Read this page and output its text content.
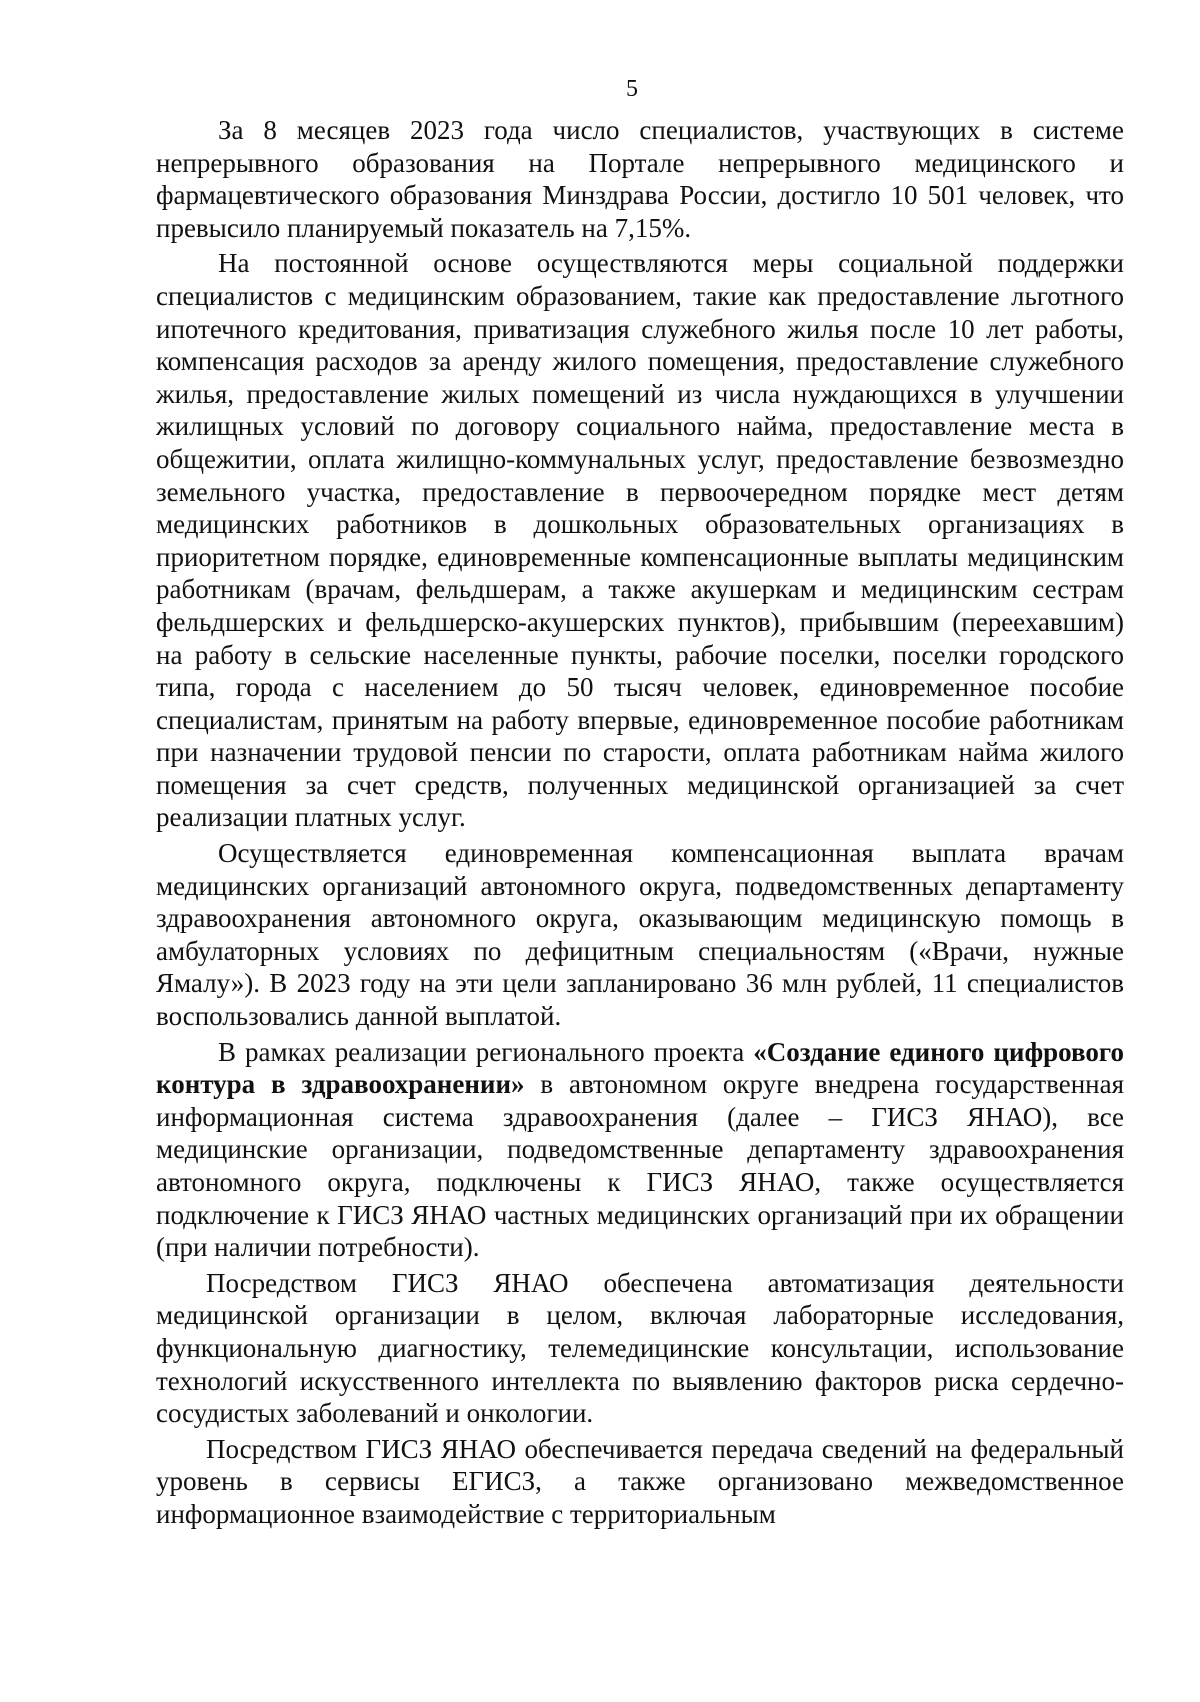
5

За 8 месяцев 2023 года число специалистов, участвующих в системе непрерывного образования на Портале непрерывного медицинского и фармацевтического образования Минздрава России, достигло 10 501 человек, что превысило планируемый показатель на 7,15%.

На постоянной основе осуществляются меры социальной поддержки специалистов с медицинским образованием, такие как предоставление льготного ипотечного кредитования, приватизация служебного жилья после 10 лет работы, компенсация расходов за аренду жилого помещения, предоставление служебного жилья, предоставление жилых помещений из числа нуждающихся в улучшении жилищных условий по договору социального найма, предоставление места в общежитии, оплата жилищно-коммунальных услуг, предоставление безвозмездно земельного участка, предоставление в первоочередном порядке мест детям медицинских работников в дошкольных образовательных организациях в приоритетном порядке, единовременные компенсационные выплаты медицинским работникам (врачам, фельдшерам, а также акушеркам и медицинским сестрам фельдшерских и фельдшерско-акушерских пунктов), прибывшим (переехавшим) на работу в сельские населенные пункты, рабочие поселки, поселки городского типа, города с населением до 50 тысяч человек, единовременное пособие специалистам, принятым на работу впервые, единовременное пособие работникам при назначении трудовой пенсии по старости, оплата работникам найма жилого помещения за счет средств, полученных медицинской организацией за счет реализации платных услуг.

Осуществляется единовременная компенсационная выплата врачам медицинских организаций автономного округа, подведомственных департаменту здравоохранения автономного округа, оказывающим медицинскую помощь в амбулаторных условиях по дефицитным специальностям («Врачи, нужные Ямалу»). В 2023 году на эти цели запланировано 36 млн рублей, 11 специалистов воспользовались данной выплатой.

В рамках реализации регионального проекта «Создание единого цифрового контура в здравоохранении» в автономном округе внедрена государственная информационная система здравоохранения (далее – ГИСЗ ЯНАО), все медицинские организации, подведомственные департаменту здравоохранения автономного округа, подключены к ГИСЗ ЯНАО, также осуществляется подключение к ГИСЗ ЯНАО частных медицинских организаций при их обращении (при наличии потребности).

Посредством ГИСЗ ЯНАО обеспечена автоматизация деятельности медицинской организации в целом, включая лабораторные исследования, функциональную диагностику, телемедицинские консультации, использование технологий искусственного интеллекта по выявлению факторов риска сердечно-сосудистых заболеваний и онкологии.

Посредством ГИСЗ ЯНАО обеспечивается передача сведений на федеральный уровень в сервисы ЕГИСЗ, а также организовано межведомственное информационное взаимодействие с территориальным
